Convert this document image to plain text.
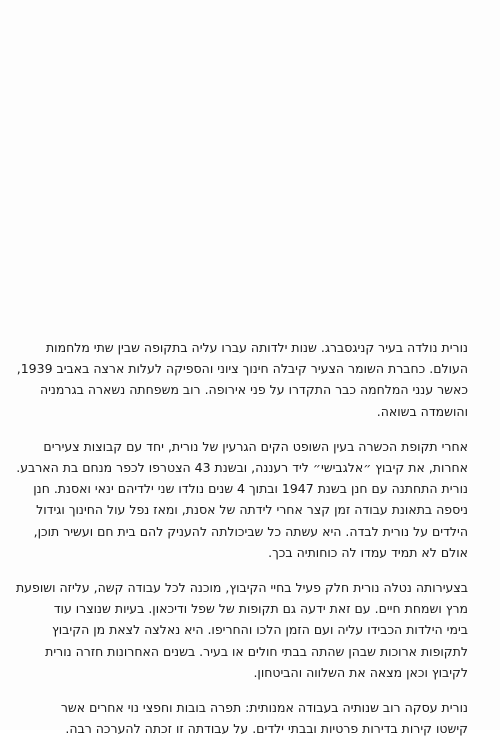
נורית נולדה בעיר קניגסברג. שנות ילדותה עברו עליה בתקופה שבין שתי מלחמות
העולם. כחברת השומר הצעיר קיבלה חינוך ציוני והספיקה לעלות ארצה באביב 1939,
כאשר ענני המלחמה כבר התקדרו על פני אירופה. רוב משפחתה נשארה בגרמניה
והושמדה בשואה.

אחרי תקופת הכשרה בעין השופט הקים הגרעין של נורית, יחד עם קבוצות צעירים
אחרות, את קיבוץ ״אלגבישי״ ליד רעננה, ובשנת 43 הצטרפו לכפר מנחם בת הארבע.
נורית התחתנה עם חנן בשנת 1947 ובתוך 4 שנים נולדו שני ילדיהם ינאי ואסנת. חנן
ניספה בתאונת עבודה זמן קצר אחרי לידתה של אסנת, ומאז נפל עול החינוך וגידול
הילדים על נורית לבדה. היא עשתה כל שביכולתה להעניק להם בית חם ועשיר תוכן,
אולם לא תמיד עמדו לה כוחותיה בכך.

בצעירותה נטלה נורית חלק פעיל בחיי הקיבוץ, מוכנה לכל עבודה קשה, עליזה ושופעת
מרץ ושמחת חיים. עם זאת ידעה גם תקופות של שפל ודיכאון. בעיות שנוצרו עוד
בימי הילדות הכבידו עליה ועם הזמן הלכו והחריפו. היא נאלצה לצאת מן הקיבוץ
לתקופות ארוכות שבהן שהתה בבתי חולים או בעיר. בשנים האחרונות חזרה נורית
לקיבוץ וכאן מצאה את השלווה והביטחון.

נורית עסקה רוב שנותיה בעבודה אמנותית: תפרה בובות וחפצי נוי אחרים אשר
קישטו קירות בדירות פרטיות ובבתי ילדים. על עבודתה זו זכתה להערכה רבה.
